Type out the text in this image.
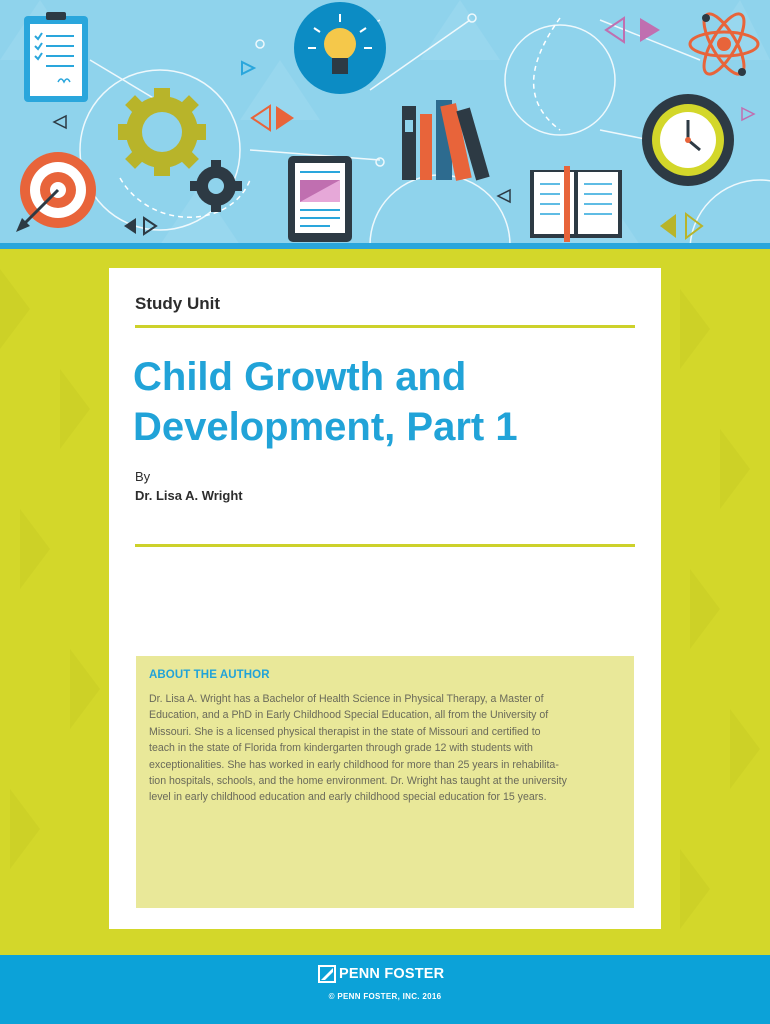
Study Unit
Child Growth and
Development, Part 1
By
Dr. Lisa A. Wright
ABOUT THE AUTHOR

Dr. Lisa A. Wright has a Bachelor of Health Science in Physical Therapy, a Master of
Education, and a PhD in Early Childhood Special Education, all from the University of
Missouri. She is a licensed physical therapist in the state of Missouri and certified to
teach in the state of Florida from kindergarten through grade 12 with students with
exceptionalities. She has worked in early childhood for more than 25 years in rehabilita-
tion hospitals, schools, and the home environment. Dr. Wright has taught at the university
level in early childhood education and early childhood special education for 15 years.

PENN FOSTER
© PENN FOSTER, INC. 2016
